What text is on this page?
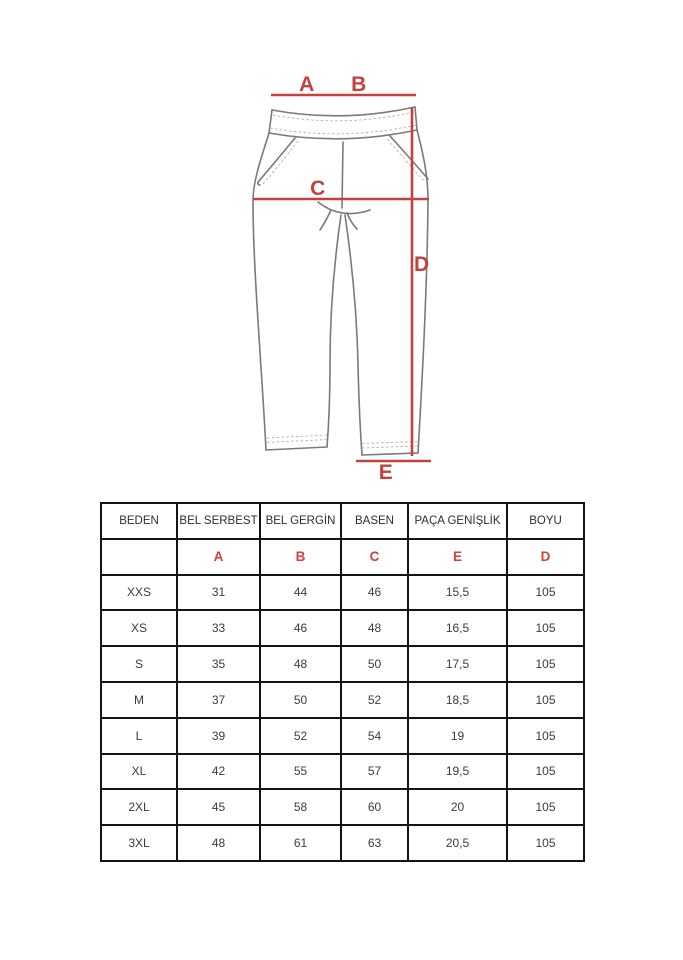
A B
C
D
E
BEDEN	BEL SERBEST	BEL GERGİN	BASEN	PAÇA GENİŞLİK	BOYU
	A	B	C	E	D
XXS	31	44	46	15,5	105
XS	33	46	48	16,5	105
S	35	48	50	17,5	105
M	37	50	52	18,5	105
L	39	52	54	19	105
XL	42	55	57	19,5	105
2XL	45	58	60	20	105
3XL	48	61	63	20,5	105
